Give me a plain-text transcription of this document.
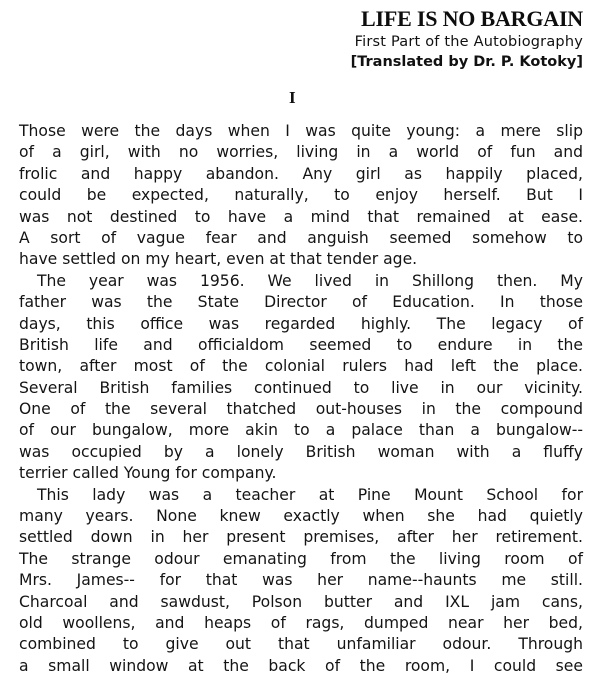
LIFE IS NO BARGAIN

First Part of the Autobiography

[Translated by Dr. P. Kotoky]

I
Those were the days when I was quite young: a mere slip
of a girl, with no worries, living in a world of fun and
frolic and happy abandon. Any girl as happily placed,
could be expected, naturally, to enjoy herself. But I
was not destined to have a mind that remained at ease.
A sort of vague fear and anguish seemed somehow to
have settled on my heart, even at that tender age.
The year was 1956. We lived in Shillong then. My
father was the State Director of Education. In those
days, this office was regarded highly. The legacy of
British life and officialdom seemed to endure in the
town, after most of the colonial rulers had left the place.
Several British families continued to live in our vicinity.
One of the several thatched out-houses in the compound
of our bungalow, more akin to a palace than a bungalow--
was occupied by a lonely British woman with a fluffy
terrier called Young for company.
This lady was a teacher at Pine Mount School for
many years. None knew exactly when she had quietly
settled down in her present premises, after her retirement.
The strange odour emanating from the living room of
Mrs. James-- for that was her name--haunts me still.
Charcoal and sawdust, Polson butter and IXL jam cans,
old woollens, and heaps of rags, dumped near her bed,
combined to give out that unfamiliar odour. Through
a small window at the back of the room, I could see
